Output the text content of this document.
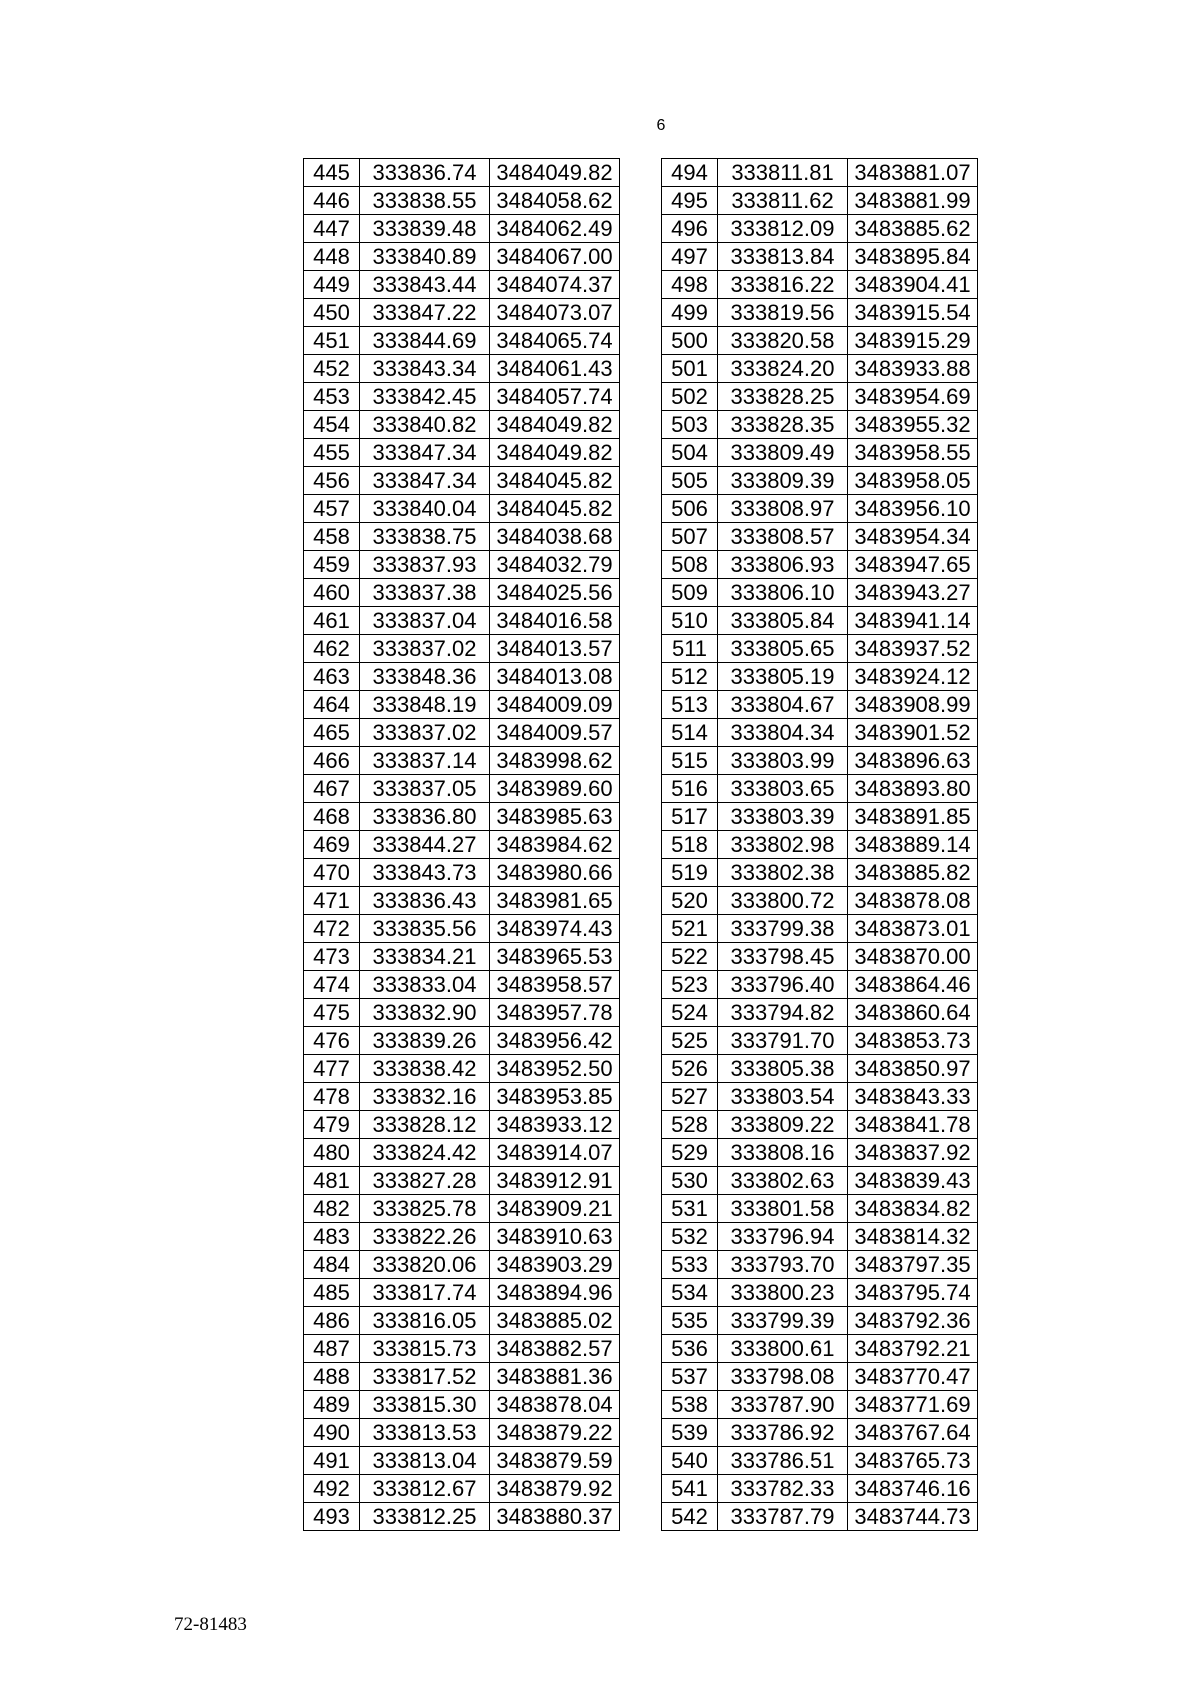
6
445	333836.74	3484049.82
446	333838.55	3484058.62
447	333839.48	3484062.49
448	333840.89	3484067.00
449	333843.44	3484074.37
450	333847.22	3484073.07
451	333844.69	3484065.74
452	333843.34	3484061.43
453	333842.45	3484057.74
454	333840.82	3484049.82
455	333847.34	3484049.82
456	333847.34	3484045.82
457	333840.04	3484045.82
458	333838.75	3484038.68
459	333837.93	3484032.79
460	333837.38	3484025.56
461	333837.04	3484016.58
462	333837.02	3484013.57
463	333848.36	3484013.08
464	333848.19	3484009.09
465	333837.02	3484009.57
466	333837.14	3483998.62
467	333837.05	3483989.60
468	333836.80	3483985.63
469	333844.27	3483984.62
470	333843.73	3483980.66
471	333836.43	3483981.65
472	333835.56	3483974.43
473	333834.21	3483965.53
474	333833.04	3483958.57
475	333832.90	3483957.78
476	333839.26	3483956.42
477	333838.42	3483952.50
478	333832.16	3483953.85
479	333828.12	3483933.12
480	333824.42	3483914.07
481	333827.28	3483912.91
482	333825.78	3483909.21
483	333822.26	3483910.63
484	333820.06	3483903.29
485	333817.74	3483894.96
486	333816.05	3483885.02
487	333815.73	3483882.57
488	333817.52	3483881.36
489	333815.30	3483878.04
490	333813.53	3483879.22
491	333813.04	3483879.59
492	333812.67	3483879.92
493	333812.25	3483880.37
494	333811.81	3483881.07
495	333811.62	3483881.99
496	333812.09	3483885.62
497	333813.84	3483895.84
498	333816.22	3483904.41
499	333819.56	3483915.54
500	333820.58	3483915.29
501	333824.20	3483933.88
502	333828.25	3483954.69
503	333828.35	3483955.32
504	333809.49	3483958.55
505	333809.39	3483958.05
506	333808.97	3483956.10
507	333808.57	3483954.34
508	333806.93	3483947.65
509	333806.10	3483943.27
510	333805.84	3483941.14
511	333805.65	3483937.52
512	333805.19	3483924.12
513	333804.67	3483908.99
514	333804.34	3483901.52
515	333803.99	3483896.63
516	333803.65	3483893.80
517	333803.39	3483891.85
518	333802.98	3483889.14
519	333802.38	3483885.82
520	333800.72	3483878.08
521	333799.38	3483873.01
522	333798.45	3483870.00
523	333796.40	3483864.46
524	333794.82	3483860.64
525	333791.70	3483853.73
526	333805.38	3483850.97
527	333803.54	3483843.33
528	333809.22	3483841.78
529	333808.16	3483837.92
530	333802.63	3483839.43
531	333801.58	3483834.82
532	333796.94	3483814.32
533	333793.70	3483797.35
534	333800.23	3483795.74
535	333799.39	3483792.36
536	333800.61	3483792.21
537	333798.08	3483770.47
538	333787.90	3483771.69
539	333786.92	3483767.64
540	333786.51	3483765.73
541	333782.33	3483746.16
542	333787.79	3483744.73
72-81483
